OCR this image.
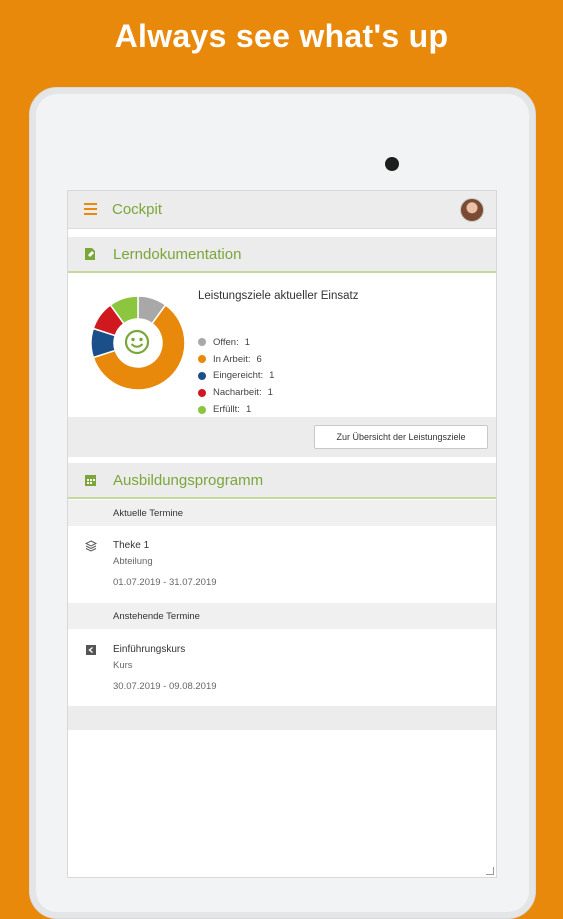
Always see what's up
Cockpit
Lerndokumentation
Leistungsziele aktueller Einsatz
Offen: 1
In Arbeit: 6
Eingereicht: 1
Nacharbeit: 1
Erfüllt: 1
Zur Übersicht der Leistungsziele
Ausbildungsprogramm
Aktuelle Termine
Theke 1
Abteilung
01.07.2019 - 31.07.2019
Anstehende Termine
Einführungskurs
Kurs
30.07.2019 - 09.08.2019
